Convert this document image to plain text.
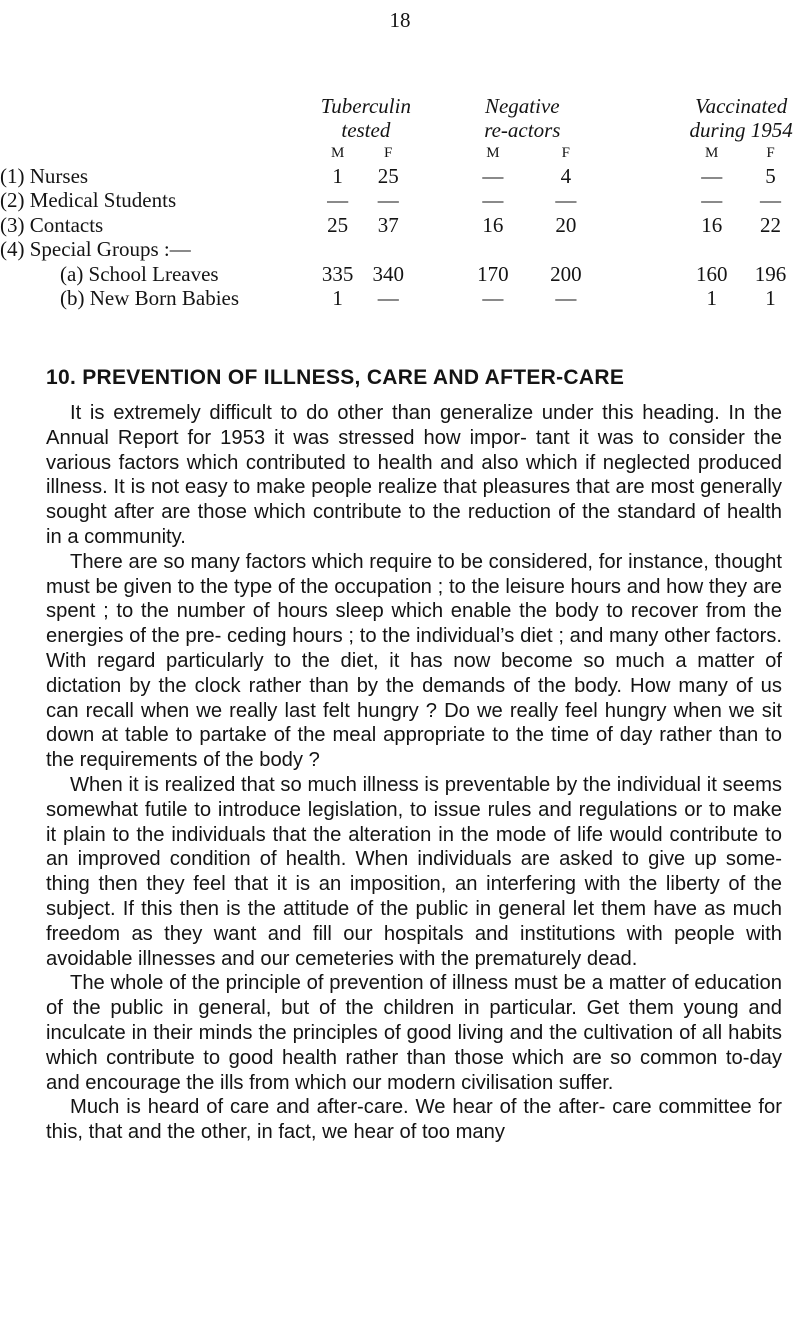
18
	Tuberculin			Negative			Vaccinated	
	tested			re-actors			during 1954	
	M	F		M	F		M	F
(1) Nurses	1	25		—	4		—	5
(2) Medical Students	—	—		—	—		—	—
(3) Contacts	25	37		16	20		16	22
(4) Special Groups :—								
(a) School Lreaves	335	340		170	200		160	196
(b) New Born Babies	1	—		—	—		1	1
10. PREVENTION OF ILLNESS, CARE AND AFTER-CARE

It is extremely difficult to do other than generalize under this heading. In the Annual Report for 1953 it was stressed how impor- tant it was to consider the various factors which contributed to health and also which if neglected produced illness. It is not easy to make people realize that pleasures that are most generally sought after are those which contribute to the reduction of the standard of health in a community.

There are so many factors which require to be considered, for instance, thought must be given to the type of the occupation ; to the leisure hours and how they are spent ; to the number of hours sleep which enable the body to recover from the energies of the pre- ceding hours ; to the individual’s diet ; and many other factors. With regard particularly to the diet, it has now become so much a matter of dictation by the clock rather than by the demands of the body. How many of us can recall when we really last felt hungry ? Do we really feel hungry when we sit down at table to partake of the meal appropriate to the time of day rather than to the requirements of the body ?

When it is realized that so much illness is preventable by the individual it seems somewhat futile to introduce legislation, to issue rules and regulations or to make it plain to the individuals that the alteration in the mode of life would contribute to an improved condition of health. When individuals are asked to give up some- thing then they feel that it is an imposition, an interfering with the liberty of the subject. If this then is the attitude of the public in general let them have as much freedom as they want and fill our hospitals and institutions with people with avoidable illnesses and our cemeteries with the prematurely dead.

The whole of the principle of prevention of illness must be a matter of education of the public in general, but of the children in particular. Get them young and inculcate in their minds the principles of good living and the cultivation of all habits which contribute to good health rather than those which are so common to-day and encourage the ills from which our modern civilisation suffer.

Much is heard of care and after-care. We hear of the after- care committee for this, that and the other, in fact, we hear of too many
